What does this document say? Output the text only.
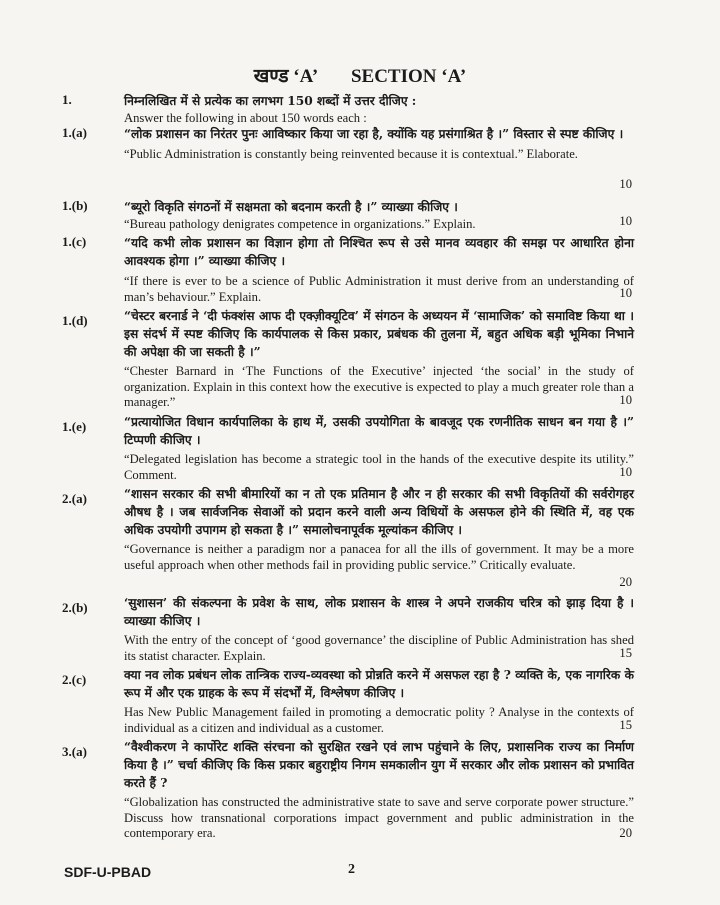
खण्ड ‘A’ SECTION ‘A’
1.	निम्नलिखित में से प्रत्येक का लगभग 150 शब्दों में उत्तर दीजिए :
Answer the following in about 150 words each :
1.(a)	“लोक प्रशासन का निरंतर पुनः आविष्कार किया जा रहा है, क्योंकि यह प्रसंगाश्रित है ।” विस्तार से स्पष्ट कीजिए ।
“Public Administration is constantly being reinvented because it is contextual.” Elaborate.
10
1.(b)	“ब्यूरो विकृति संगठनों में सक्षमता को बदनाम करती है ।” व्याख्या कीजिए ।
“Bureau pathology denigrates competence in organizations.” Explain.	10
1.(c)	“यदि कभी लोक प्रशासन का विज्ञान होगा तो निश्चित रूप से उसे मानव व्यवहार की समझ पर आधारित होना आवश्यक होगा ।” व्याख्या कीजिए ।
“If there is ever to be a science of Public Administration it must derive from an understanding of man’s behaviour.” Explain.	10
1.(d)	“चेस्टर बरनार्ड ने ‘दी फंक्शंस आफ दी एक्ज़ीक्यूटिव’ में संगठन के अध्ययन में ‘सामाजिक’ को समाविष्ट किया था । इस संदर्भ में स्पष्ट कीजिए कि कार्यपालक से किस प्रकार, प्रबंधक की तुलना में, बहुत अधिक बड़ी भूमिका निभाने की अपेक्षा की जा सकती है ।”
“Chester Barnard in ‘The Functions of the Executive’ injected ‘the social’ in the study of organization. Explain in this context how the executive is expected to play a much greater role than a manager.”	10
1.(e)	“प्रत्यायोजित विधान कार्यपालिका के हाथ में, उसकी उपयोगिता के बावजूद एक रणनीतिक साधन बन गया है ।” टिप्पणी कीजिए ।
“Delegated legislation has become a strategic tool in the hands of the executive despite its utility.” Comment.	10
2.(a)	“शासन सरकार की सभी बीमारियों का न तो एक प्रतिमान है और न ही सरकार की सभी विकृतियों की सर्वरोगहर औषध है । जब सार्वजनिक सेवाओं को प्रदान करने वाली अन्य विधियों के असफल होने की स्थिति में, वह एक अधिक उपयोगी उपागम हो सकता है ।” समालोचनापूर्वक मूल्यांकन कीजिए ।
“Governance is neither a paradigm nor a panacea for all the ills of government. It may be a more useful approach when other methods fail in providing public service.” Critically evaluate.
20
2.(b)	‘सुशासन’ की संकल्पना के प्रवेश के साथ, लोक प्रशासन के शास्त्र ने अपने राजकीय चरित्र को झाड़ दिया है । व्याख्या कीजिए ।
With the entry of the concept of ‘good governance’ the discipline of Public Administration has shed its statist character. Explain.	15
2.(c)	क्या नव लोक प्रबंधन लोक तान्त्रिक राज्य-व्यवस्था को प्रोन्नति करने में असफल रहा है ? व्यक्ति के, एक नागरिक के रूप में और एक ग्राहक के रूप में संदर्भों में, विश्लेषण कीजिए ।
Has New Public Management failed in promoting a democratic polity ? Analyse in the contexts of individual as a citizen and individual as a customer.	15
3.(a)	“वैश्वीकरण ने कार्पोरेट शक्ति संरचना को सुरक्षित रखने एवं लाभ पहुंचाने के लिए, प्रशासनिक राज्य का निर्माण किया है ।” चर्चा कीजिए कि किस प्रकार बहुराष्ट्रीय निगम समकालीन युग में सरकार और लोक प्रशासन को प्रभावित करते हैं ?
“Globalization has constructed the administrative state to save and serve corporate power structure.” Discuss how transnational corporations impact government and public administration in the contemporary era.	20
SDF-U-PBAD	2
